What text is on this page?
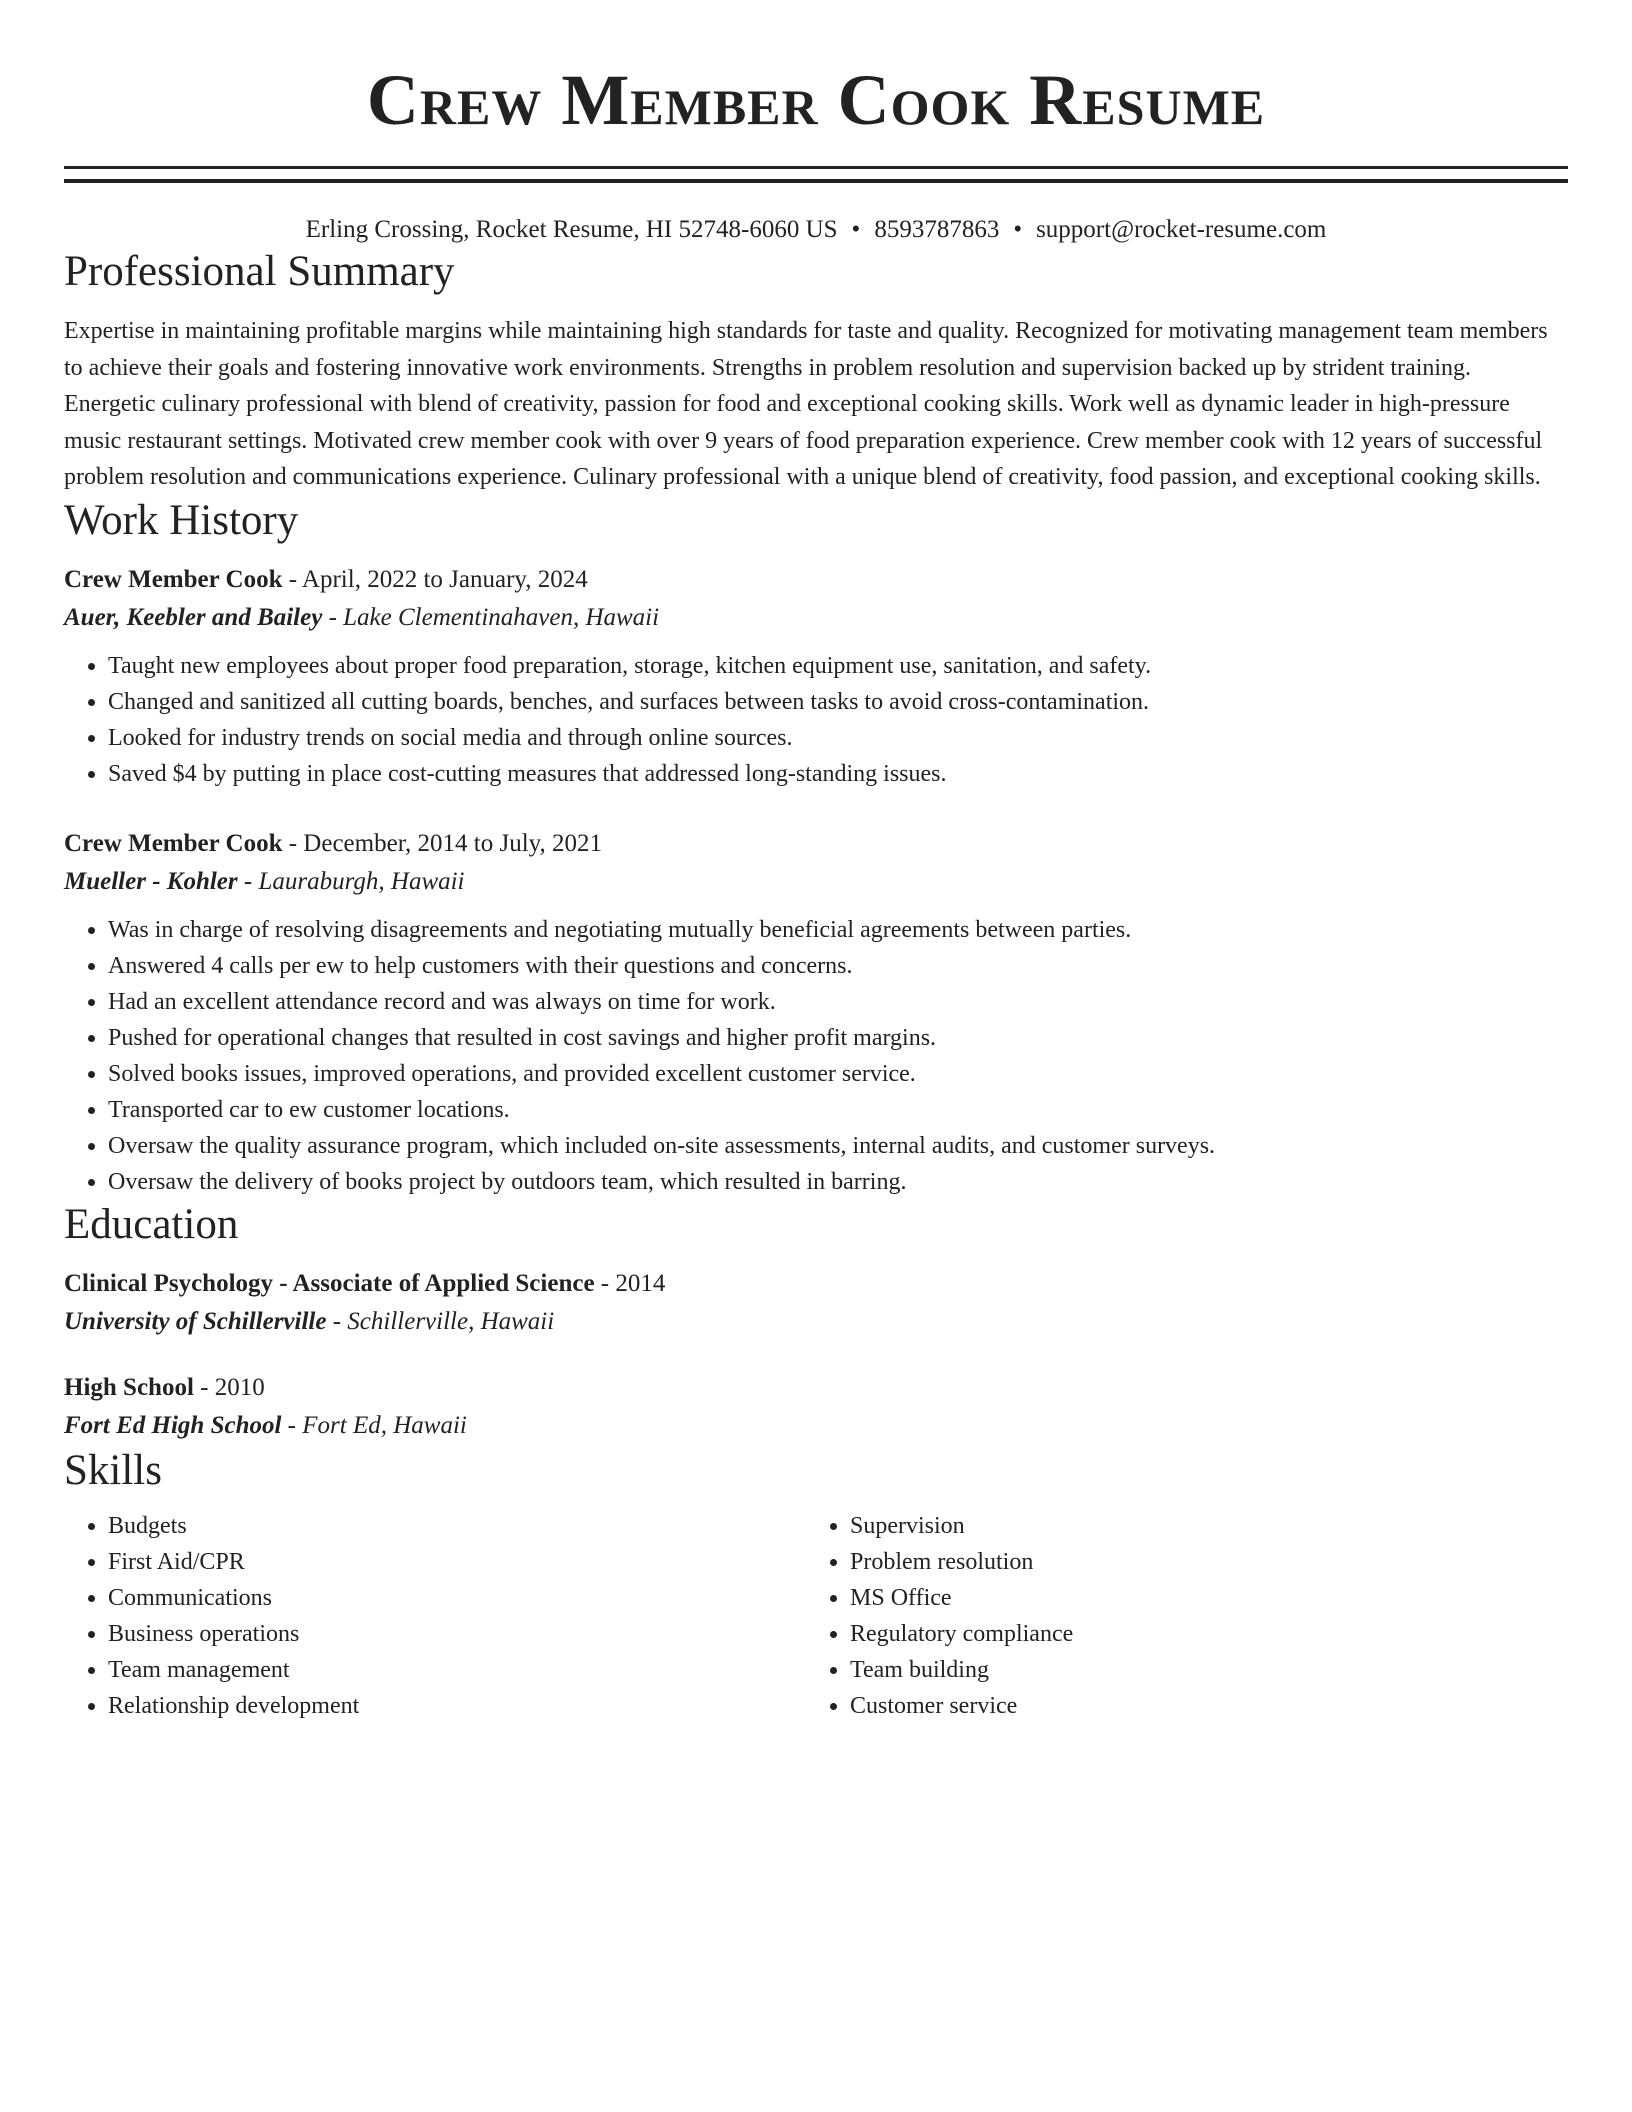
Crew Member Cook Resume
Erling Crossing, Rocket Resume, HI 52748-6060 US • 8593787863 • support@rocket-resume.com
Professional Summary

Expertise in maintaining profitable margins while maintaining high standards for taste and quality. Recognized for motivating management team members to achieve their goals and fostering innovative work environments. Strengths in problem resolution and supervision backed up by strident training. Energetic culinary professional with blend of creativity, passion for food and exceptional cooking skills. Work well as dynamic leader in high-pressure music restaurant settings. Motivated crew member cook with over 9 years of food preparation experience. Crew member cook with 12 years of successful problem resolution and communications experience. Culinary professional with a unique blend of creativity, food passion, and exceptional cooking skills.

Work History
Crew Member Cook - April, 2022 to January, 2024
Auer, Keebler and Bailey - Lake Clementinahaven, Hawaii
• Taught new employees about proper food preparation, storage, kitchen equipment use, sanitation, and safety.
• Changed and sanitized all cutting boards, benches, and surfaces between tasks to avoid cross-contamination.
• Looked for industry trends on social media and through online sources.
• Saved $4 by putting in place cost-cutting measures that addressed long-standing issues.
Crew Member Cook - December, 2014 to July, 2021
Mueller - Kohler - Lauraburgh, Hawaii
• Was in charge of resolving disagreements and negotiating mutually beneficial agreements between parties.
• Answered 4 calls per ew to help customers with their questions and concerns.
• Had an excellent attendance record and was always on time for work.
• Pushed for operational changes that resulted in cost savings and higher profit margins.
• Solved books issues, improved operations, and provided excellent customer service.
• Transported car to ew customer locations.
• Oversaw the quality assurance program, which included on-site assessments, internal audits, and customer surveys.
• Oversaw the delivery of books project by outdoors team, which resulted in barring.
Education
Clinical Psychology - Associate of Applied Science - 2014
University of Schillerville - Schillerville, Hawaii
High School - 2010
Fort Ed High School - Fort Ed, Hawaii
Skills
• Budgets
• First Aid/CPR
• Communications
• Business operations
• Team management
• Relationship development
• Supervision
• Problem resolution
• MS Office
• Regulatory compliance
• Team building
• Customer service
